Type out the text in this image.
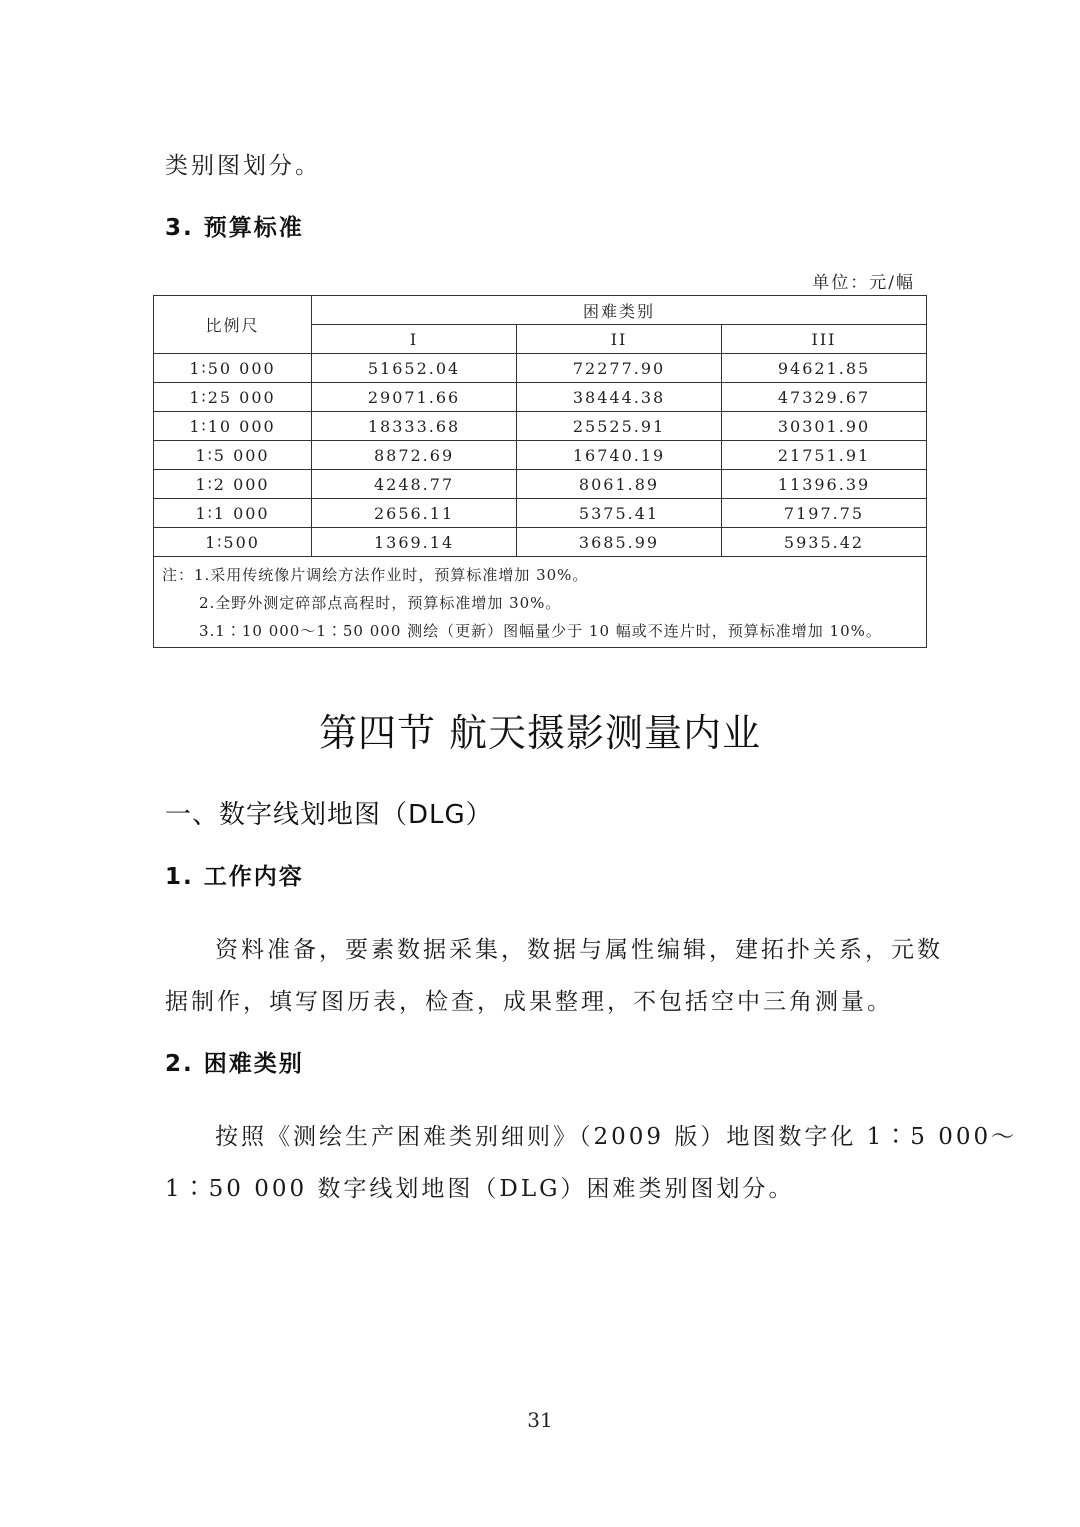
类别图划分。
3. 预算标准
单位：元/幅
比例尺	困难类别		
	I	II	III
1∶50 000	51652.04	72277.90	94621.85
1∶25 000	29071.66	38444.38	47329.67
1∶10 000	18333.68	25525.91	30301.90
1∶5 000	8872.69	16740.19	21751.91
1∶2 000	4248.77	8061.89	11396.39
1∶1 000	2656.11	5375.41	7197.75
1∶500	1369.14	3685.99	5935.42

注：1.采用传统像片调绘方法作业时，预算标准增加 30%。
2.全野外测定碎部点高程时，预算标准增加 30%。
3.1∶10 000～1∶50 000 测绘（更新）图幅量少于 10 幅或不连片时，预算标准增加 10%。			
第四节 航天摄影测量内业
一、数字线划地图（DLG）
1. 工作内容
资料准备，要素数据采集，数据与属性编辑，建拓扑关系，元数
据制作，填写图历表，检查，成果整理，不包括空中三角测量。
2. 困难类别
按照《测绘生产困难类别细则》（2009 版）地图数字化 1∶5 000～
1∶50 000 数字线划地图（DLG）困难类别图划分。
31
